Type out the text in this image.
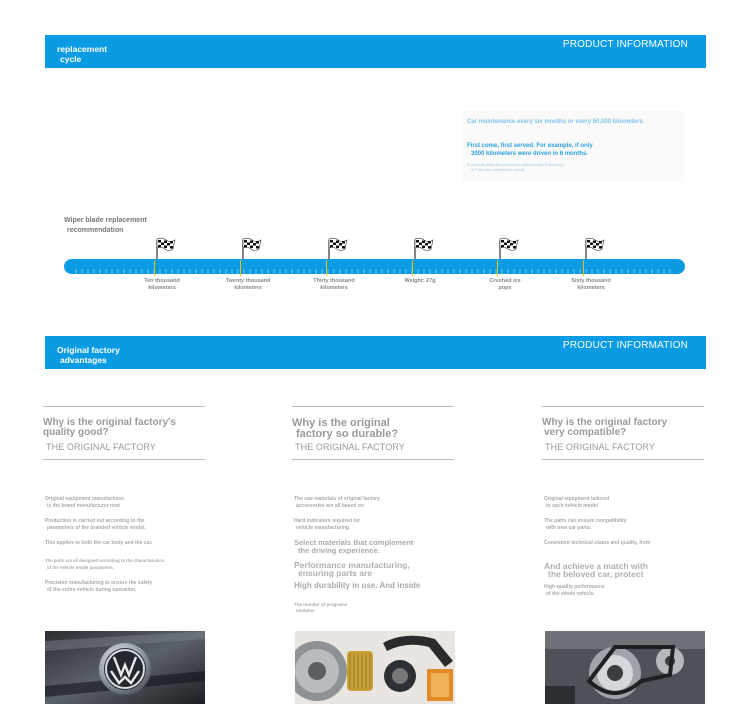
replacement
cycle
PRODUCT INFORMATION
Car maintenance every six months or every 50,000 kilometers.
First come, first served. For example, if only
3000 kilometers were driven in 6 months.
※ Carefully check the oil level and replace in time if necessary
※ Follow the maintenance manual
Wiper blade replacement
recommendation
Ten thousand
kilometers
Twenty thousand
kilometers
Thirty thousand
kilometers
Weight: 27g	Crushed ice
pops
Sixty thousand
kilometers
Original factory
advantages
PRODUCT INFORMATION
Why is the original factory's
quality good?
THE ORIGINAL FACTORY
Original equipment manufacturer,
is the brand manufacturer root
Production is carried out according to the
parameters of the branded vehicle model.
This applies to both the car body and the car.
The parts are all designed according to the characteristics
of the vehicle model parameters.
Precision manufacturing to ensure the safety
of the entire vehicle during operation.
Why is the original
factory so durable?
THE ORIGINAL FACTORY
The raw materials of original factory
accessories are all based on
Hard indicators required for
vehicle manufacturing
Select materials that complement
the driving experience.
Performance manufacturing,
ensuring parts are
High durability in use. And inside
The number of programs
modules
Why is the original factory
very compatible?
THE ORIGINAL FACTORY
Original equipment tailored
to each vehicle model
The parts can ensure compatibility
with new car parts.
Consistent technical status and quality, from
And achieve a match with
the beloved car, protect
High-quality performance
of the whole vehicle.
